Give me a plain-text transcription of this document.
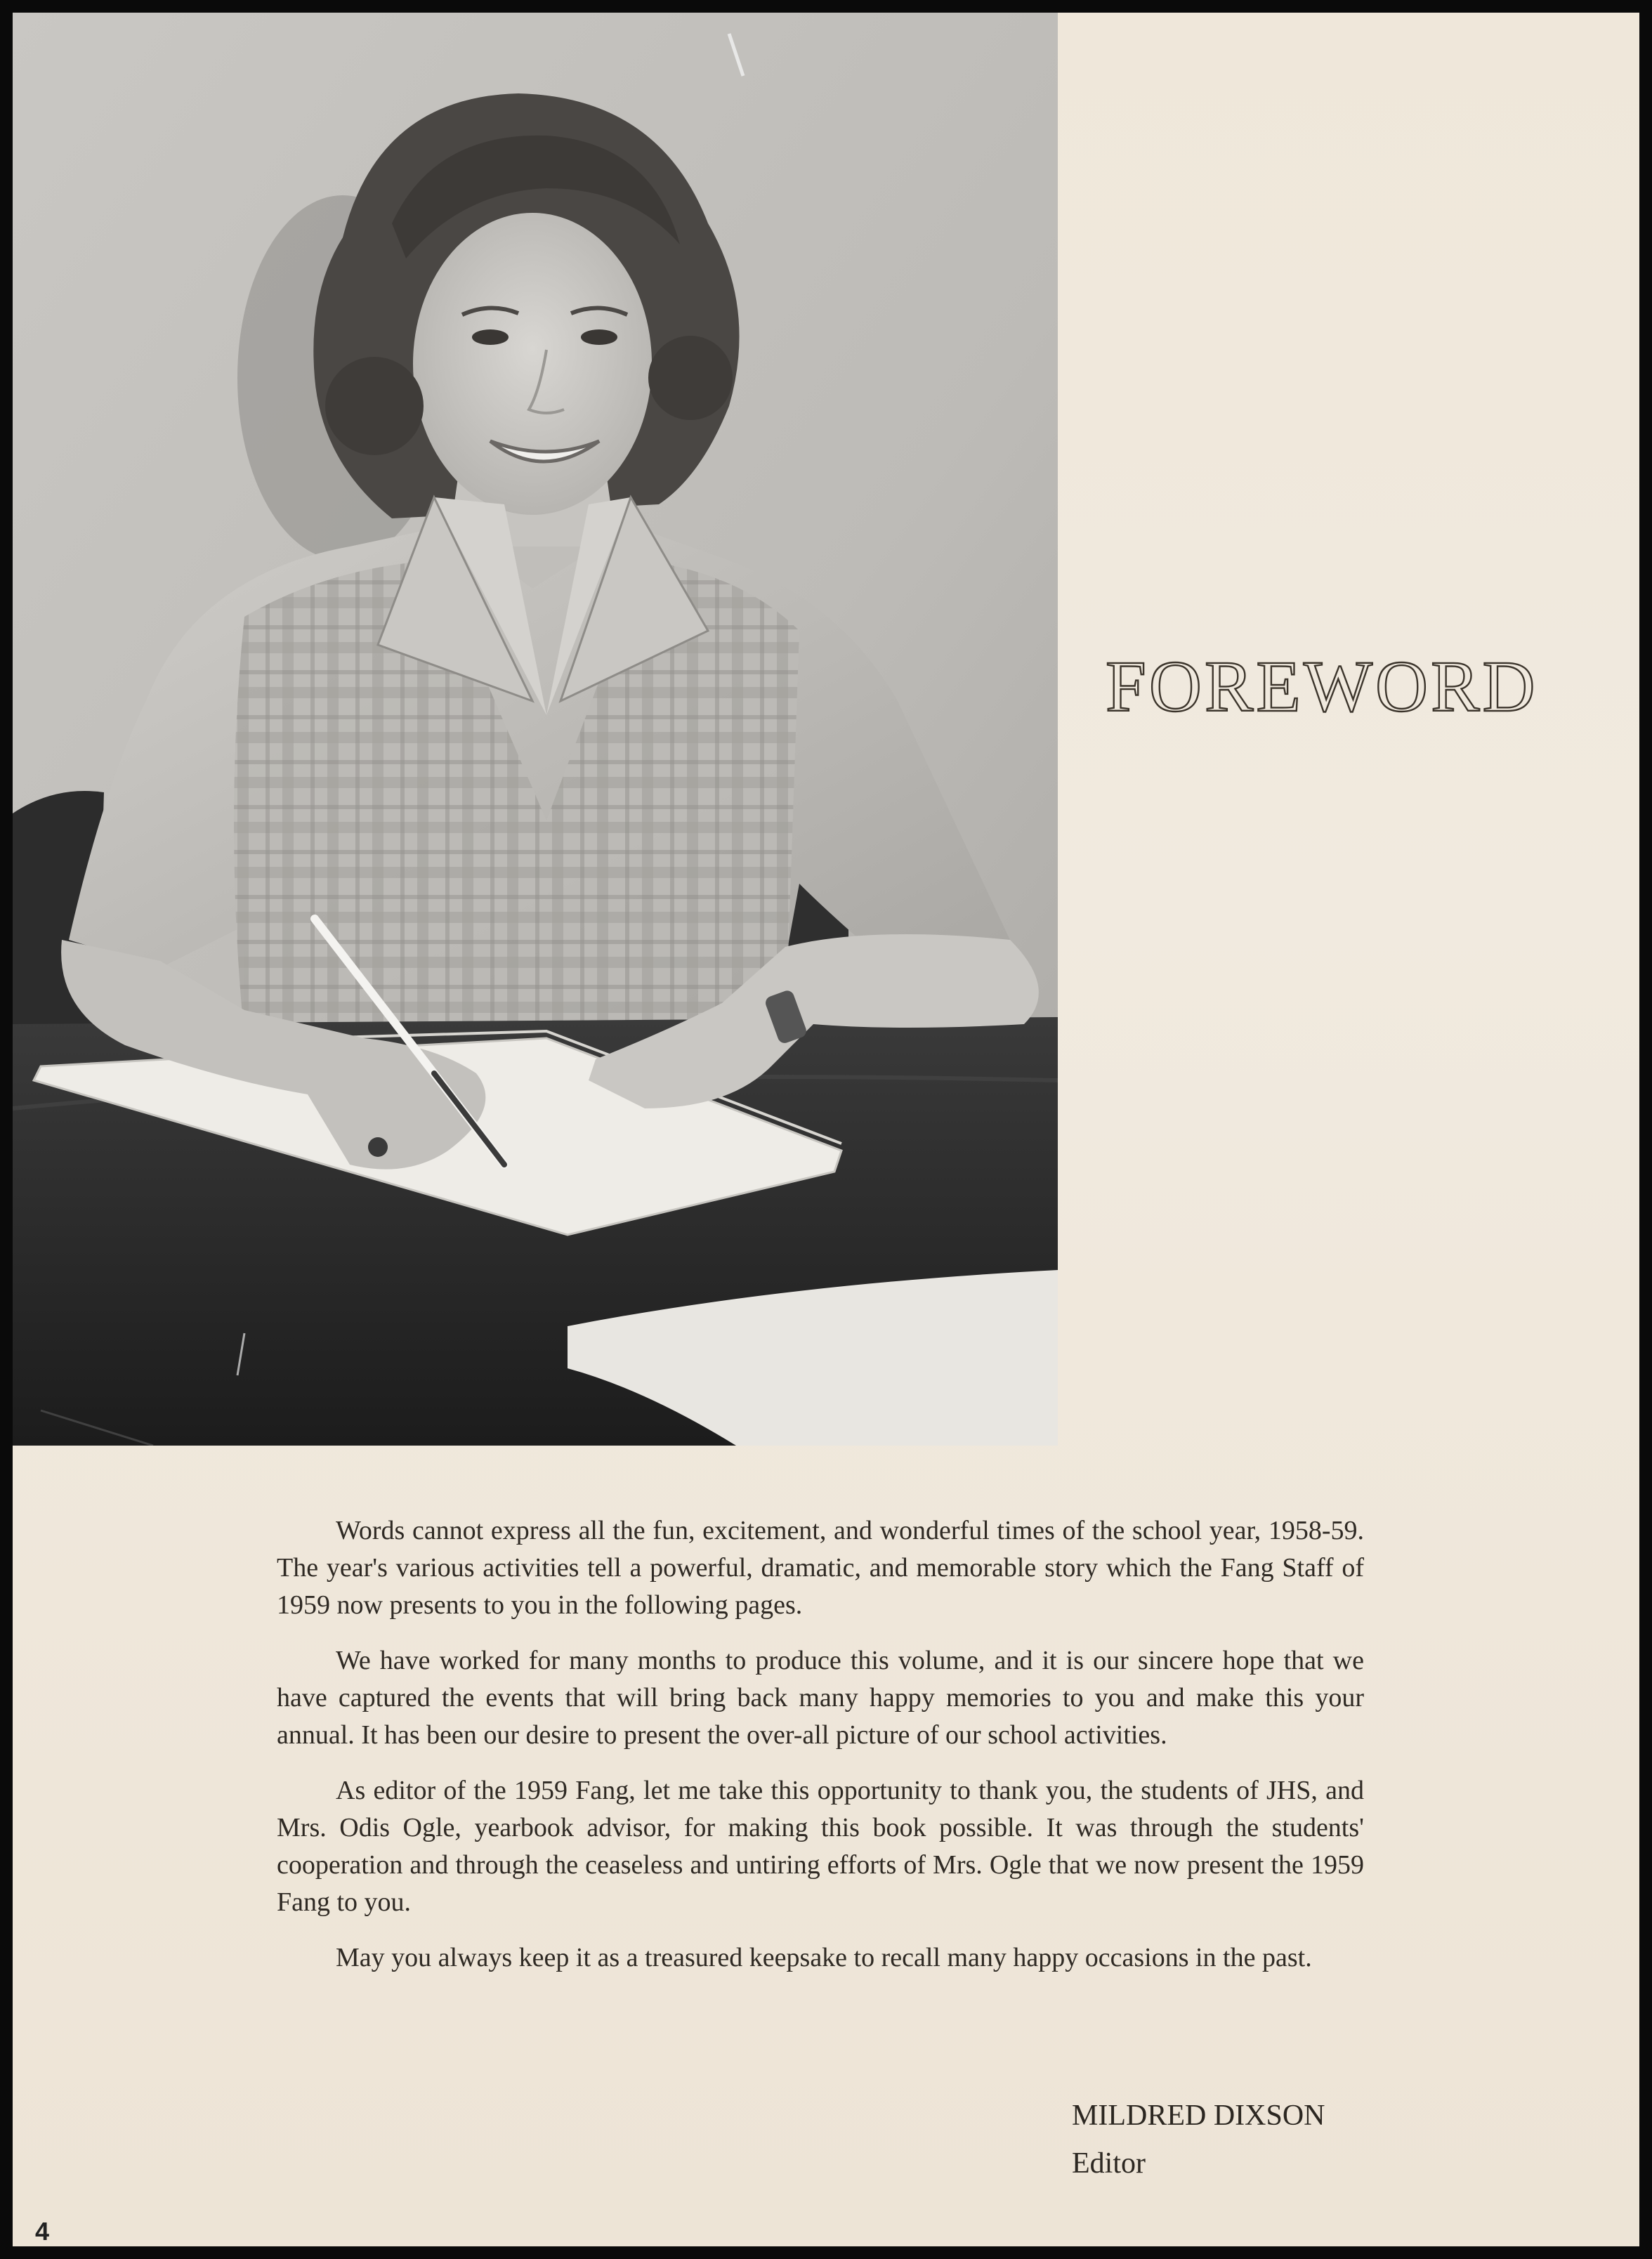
FOREWORD

Words cannot express all the fun, excitement, and wonderful times of the school year, 1958-59. The year's various activities tell a powerful, dramatic, and memorable story which the Fang Staff of 1959 now presents to you in the following pages.

We have worked for many months to produce this volume, and it is our sincere hope that we have captured the events that will bring back many happy memories to you and make this your annual. It has been our desire to present the over-all picture of our school activities.

As editor of the 1959 Fang, let me take this opportunity to thank you, the students of JHS, and Mrs. Odis Ogle, yearbook advisor, for making this book possible. It was through the students' cooperation and through the ceaseless and untiring efforts of Mrs. Ogle that we now present the 1959 Fang to you.

May you always keep it as a treasured keepsake to recall many happy occasions in the past.

MILDRED DIXSON
Editor
4
